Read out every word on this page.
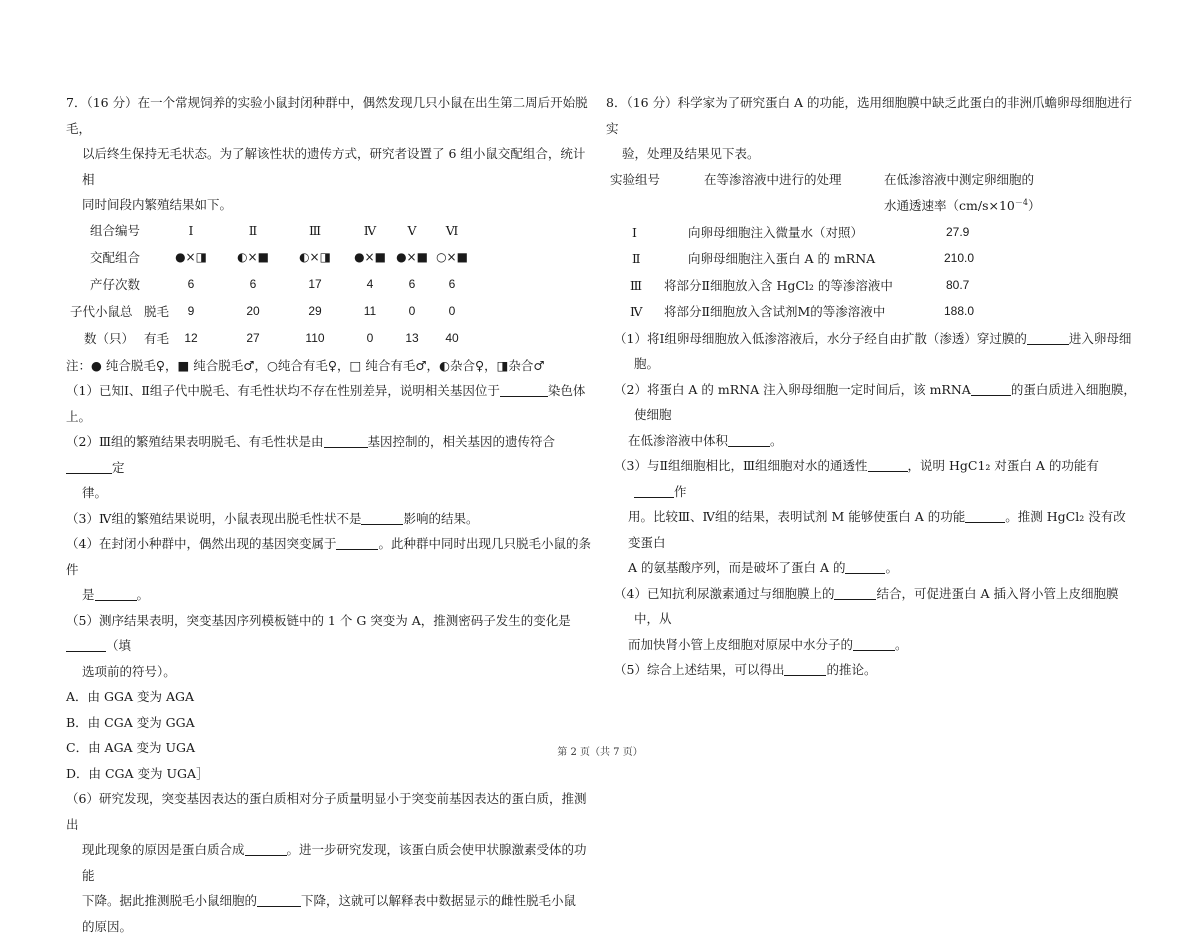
7．（16 分）在一个常规饲养的实验小鼠封闭种群中，偶然发现几只小鼠在出生第二周后开始脱毛，

以后终生保持无毛状态。为了解该性状的遗传方式，研究者设置了 6 组小鼠交配组合，统计相

同时间段内繁殖结果如下。

组合编号	Ⅰ	Ⅱ	Ⅲ	Ⅳ	Ⅴ	Ⅵ
交配组合	●×◨	◐×■	◐×◨	●×■	●×■	○×■
产仔次数	6	6	17	4	6	6
子代小鼠总 脱毛	9	20	29	11	0	0
数（只） 有毛	12	27	110	0	13	40

注：● 纯合脱毛♀，■ 纯合脱毛♂，○纯合有毛♀，□ 纯合有毛♂，◐杂合♀，◨杂合♂

（1）已知Ⅰ、Ⅱ组子代中脱毛、有毛性状均不存在性别差异，说明相关基因位于	染色体上。

（2）Ⅲ组的繁殖结果表明脱毛、有毛性状是由	基因控制的，相关基因的遗传符合定

律。

（3）Ⅳ组的繁殖结果说明，小鼠表现出脱毛性状不是	影响的结果。

（4）在封闭小种群中，偶然出现的基因突变属于	。此种群中同时出现几只脱毛小鼠的条件

是	。

（5）测序结果表明，突变基因序列模板链中的 1 个 G 突变为 A，推测密码子发生的变化是（填

选项前的符号）。

A．由 GGA 变为 AGA

B．由 CGA 变为 GGA

C．由 AGA 变为 UGA

D．由 CGA 变为 UGA］

（6）研究发现，突变基因表达的蛋白质相对分子质量明显小于突变前基因表达的蛋白质，推测出

现此现象的原因是蛋白质合成	。进一步研究发现，该蛋白质会使甲状腺激素受体的功能

下降。据此推测脱毛小鼠细胞的	下降，这就可以解释表中数据显示的雌性脱毛小鼠

的原因。

8．（16 分）科学家为了研究蛋白 A 的功能，选用细胞膜中缺乏此蛋白的非洲爪蟾卵母细胞进行实

验，处理及结果见下表。

实验组号	在等渗溶液中进行的处理	在低渗溶液中测定卵细胞的
水通透速率$(cm/s\times 10^{-4})$
Ⅰ	向卵母细胞注入微量水（对照）	27.9
Ⅱ	向卵母细胞注入蛋白 A 的 mRNA	210.0
Ⅲ 将部分Ⅱ细胞放入含 HgCl₂ 的等渗溶液中	80.7
Ⅳ 将部分Ⅱ细胞放入含试剂M的等渗溶液中	188.0

（1）将Ⅰ组卵母细胞放入低渗溶液后，水分子经自由扩散（渗透）穿过膜的	进入卵母细胞。

（2）将蛋白 A 的 mRNA 注入卵母细胞一定时间后，该 mRNA	的蛋白质进入细胞膜，使细胞

在低渗溶液中体积	。

（3）与Ⅱ组细胞相比，Ⅲ组细胞对水的通透性	，说明 HgC1₂ 对蛋白 A 的功能有作

用。比较Ⅲ、Ⅳ组的结果，表明试剂 M 能够使蛋白 A 的功能	。推测 HgCl₂ 没有改变蛋白

A 的氨基酸序列，而是破坏了蛋白 A 的	。

（4）已知抗利尿激素通过与细胞膜上的	结合，可促进蛋白 A 插入肾小管上皮细胞膜中，从

而加快肾小管上皮细胞对原尿中水分子的	。

（5）综合上述结果，可以得出	的推论。

第 2 页（共 7 页）
